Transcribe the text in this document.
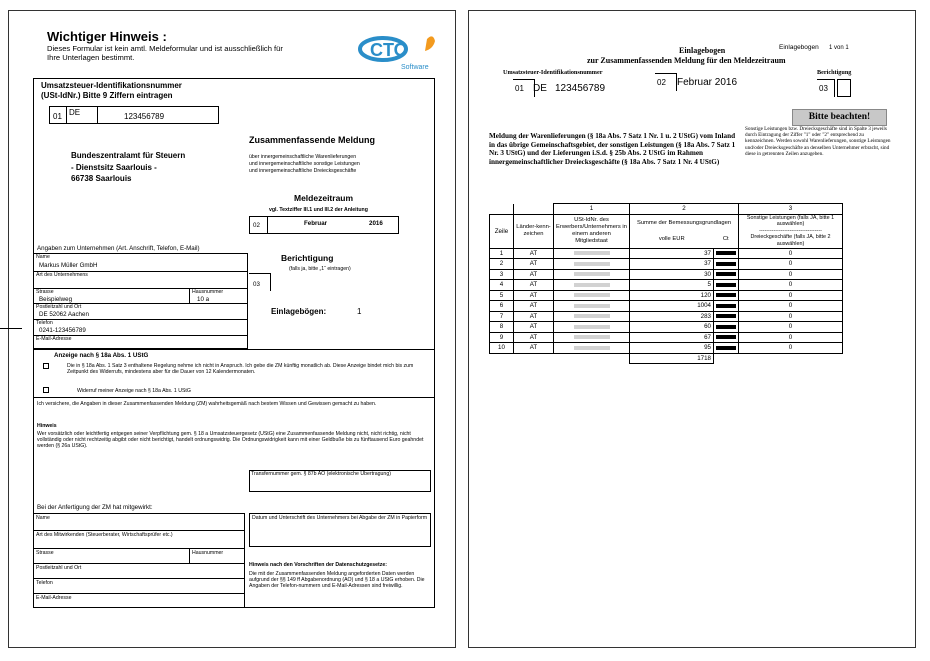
Wichtiger Hinweis :
Dieses Formular ist kein amtl. Meldeformular und ist ausschließlich für
Ihre Unterlagen bestimmt.	CTO
Software
Umsatzsteuer-Identifikationsnummer
(USt-IdNr.) Bitte 9 Ziffern eintragen
01 DE	123456789
Bundeszentralamt für Steuern
- Dienstsitz Saarlouis -
66738 Saarlouis
Zusammenfassende Meldung
über innergemeinschaftliche Warenlieferungen
und innergemeinschaftliche sonstige Leistungen
und innergemeinschaftliche Dreiecksgeschäfte
Meldezeitraum
vgl. Textziffer III.1 und III.2 der Anleitung
02	Februar	2016
Angaben zum Unternehmen (Art. Anschrift, Telefon, E-Mail)
Name
Markus Müller GmbH
Art des Unternehmens
Strasse
Beispielweg
Hausnummer
10 a
Postleitzahl und Ort
DE 52062 Aachen
Telefon
0241-123456789
E-Mail-Adresse
Berichtigung
(falls ja, bitte „1“ eintragen)
03
Einlagebögen:	1
Anzeige nach § 18a Abs. 1 UStG
Die in § 18a Abs. 1 Satz 3 enthaltene Regelung nehme ich nicht in Anspruch. Ich gebe die ZM künftig monatlich ab. Diese Anzeige bindet mich bis zum Zeitpunkt des Widerrufs, mindestens aber für die Dauer von 12 Kalendermonaten.
Widerruf meiner Anzeige nach § 18a Abs. 1 UStG
Ich versichere, die Angaben in dieser Zusammenfassenden Meldung (ZM) wahrheitsgemäß nach bestem Wissen und Gewissen gemacht zu haben.
Hinweis
Wer vorsätzlich oder leichtfertig entgegen seiner Verpflichtung gem. § 18 a Umsatzsteuergesetz (UStG) eine Zusammenfassende Meldung nicht, nicht richtig, nicht vollständig oder nicht rechtzeitig abgibt oder nicht berichtigt, handelt ordnungswidrig. Die Ordnungswidrigkeit kann mit einer Geldbuße bis zu fünftausend Euro geahndet werden (§ 26a UStG).
Transfernummer gem. § 87b AO (elektronische Übertragung)
Bei der Anfertigung der ZM hat mitgewirkt:
Name
Art des Mitwirkenden (Steuerberater, Wirtschaftsprüfer etc.)
Strasse	Hausnummer
Postleitzahl und Ort
Telefon
E-Mail-Adresse
Datum und Unterschrift des Unternehmers bei Abgabe der ZM in Papierform
Hinweis nach den Vorschriften der Datenschutzgesetze:
Die mit der Zusammenfassenden Meldung angeforderten Daten werden aufgrund der §§ 149 ff Abgabenordnung (AO) und § 18 a UStG erhoben. Die Angaben der Telefon-nummern und E-Mail-Adressen sind freiwillig.
Einlagebogen
zur Zusammenfassenden Meldung für den Meldezeitraum
Einlagebogen 1 von 1
Umsatzsteuer-Identifikationsnummer
01 DE 123456789
02 Februar 2016
Berichtigung
03
Bitte beachten!
Sonstige Leistungen bzw. Dreiecksgeschäfte sind in Spalte 3 jeweils durch Eintragung der Ziffer "1" oder "2" entsprechend zu kennzeichnen. Werden sowohl Warenlieferungen, sonstige Leistungen und/oder Dreiecksgeschäfte an denselben Unternehmer erbracht, sind diese in getrennten Zeilen anzugeben.
Meldung der Warenlieferungen (§ 18a Abs. 7 Satz 1 Nr. 1 u. 2 UStG) vom Inland in das übrige Gemeinschaftsgebiet, der sonstigen Leistungen (§ 18a Abs. 7 Satz 1 Nr. 3 UStG) und der Lieferungen i.S.d. § 25b Abs. 2 UStG im Rahmen innergemeinschaftlicher Dreiecksgeschäfte (§ 18a Abs. 7 Satz 1 Nr. 4 UStG)
		1	2		3
Zeile	Länder-kenn-zeichen	USt-IdNr. des Erwerbers/Unternehmers in einem anderen Mitgliedstaat	Summe der Bemessungsgrundlagen		Sonstige Leistungen (falls JA, bitte 1 auswählen)
-----------------------------------
Dreieckgeschäfte (falls JA, bitte 2 auswählen)

			volle EUR	Ct	
1	AT		37		0
2	AT		37		0
3	AT		30		0
4	AT		5		0
5	AT		120		0
6	AT		1004		0
7	AT		283		0
8	AT		60		0
9	AT		67		0
10	AT		95		0
			1718		
